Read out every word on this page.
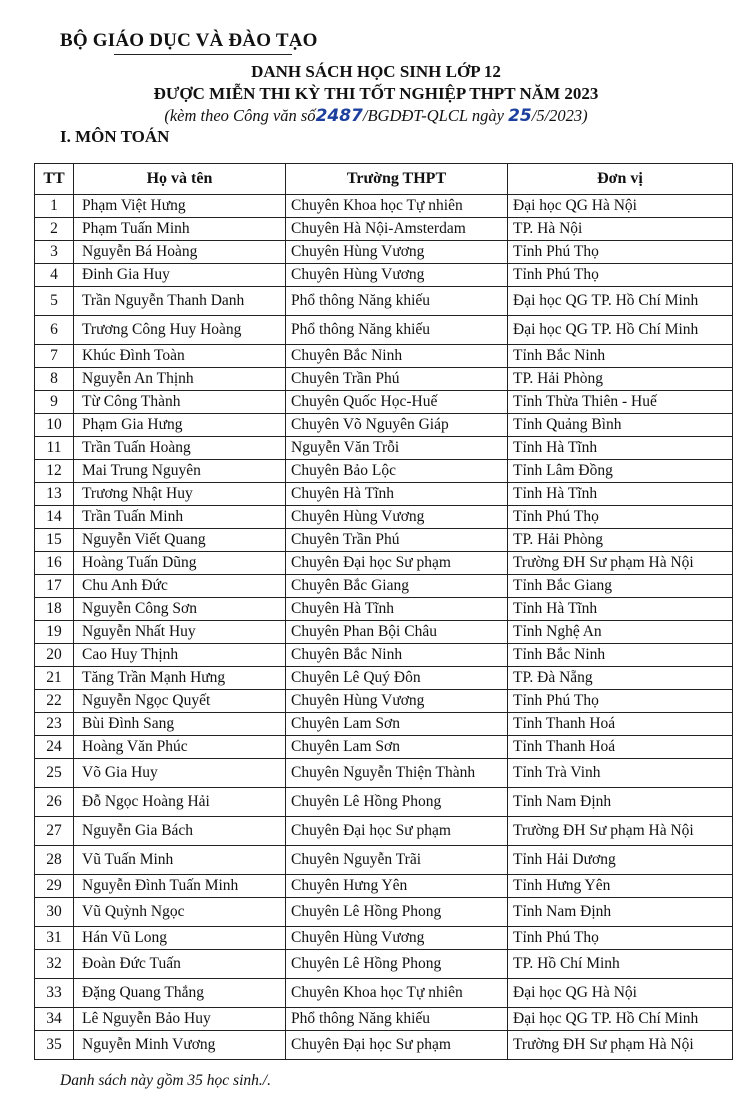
BỘ GIÁO DỤC VÀ ĐÀO TẠO
DANH SÁCH HỌC SINH LỚP 12
ĐƯỢC MIỄN THI KỲ THI TỐT NGHIỆP THPT NĂM 2023
(kèm theo Công văn số2487/BGDĐT-QLCL ngày 25/5/2023)
I. MÔN TOÁN
TT	Họ và tên	Trường THPT	Đơn vị
1	Phạm Việt Hưng	Chuyên Khoa học Tự nhiên	Đại học QG Hà Nội
2	Phạm Tuấn Minh	Chuyên Hà Nội-Amsterdam	TP. Hà Nội
3	Nguyễn Bá Hoàng	Chuyên Hùng Vương	Tỉnh Phú Thọ
4	Đinh Gia Huy	Chuyên Hùng Vương	Tỉnh Phú Thọ
5	Trần Nguyễn Thanh Danh	Phổ thông Năng khiếu	Đại học QG TP. Hồ Chí Minh
6	Trương Công Huy Hoàng	Phổ thông Năng khiếu	Đại học QG TP. Hồ Chí Minh
7	Khúc Đình Toàn	Chuyên Bắc Ninh	Tỉnh Bắc Ninh
8	Nguyễn An Thịnh	Chuyên Trần Phú	TP. Hải Phòng
9	Từ Công Thành	Chuyên Quốc Học-Huế	Tỉnh Thừa Thiên - Huế
10	Phạm Gia Hưng	Chuyên Võ Nguyên Giáp	Tỉnh Quảng Bình
11	Trần Tuấn Hoàng	Nguyễn Văn Trỗi	Tỉnh Hà Tĩnh
12	Mai Trung Nguyên	Chuyên Bảo Lộc	Tỉnh Lâm Đồng
13	Trương Nhật Huy	Chuyên Hà Tĩnh	Tỉnh Hà Tĩnh
14	Trần Tuấn Minh	Chuyên Hùng Vương	Tỉnh Phú Thọ
15	Nguyễn Viết Quang	Chuyên Trần Phú	TP. Hải Phòng
16	Hoàng Tuấn Dũng	Chuyên Đại học Sư phạm	Trường ĐH Sư phạm Hà Nội
17	Chu Anh Đức	Chuyên Bắc Giang	Tỉnh Bắc Giang
18	Nguyễn Công Sơn	Chuyên Hà Tĩnh	Tỉnh Hà Tĩnh
19	Nguyễn Nhất Huy	Chuyên Phan Bội Châu	Tỉnh Nghệ An
20	Cao Huy Thịnh	Chuyên Bắc Ninh	Tỉnh Bắc Ninh
21	Tăng Trần Mạnh Hưng	Chuyên Lê Quý Đôn	TP. Đà Nẵng
22	Nguyễn Ngọc Quyết	Chuyên Hùng Vương	Tỉnh Phú Thọ
23	Bùi Đình Sang	Chuyên Lam Sơn	Tỉnh Thanh Hoá
24	Hoàng Văn Phúc	Chuyên Lam Sơn	Tỉnh Thanh Hoá
25	Võ Gia Huy	Chuyên Nguyễn Thiện Thành	Tỉnh Trà Vinh
26	Đỗ Ngọc Hoàng Hải	Chuyên Lê Hồng Phong	Tỉnh Nam Định
27	Nguyễn Gia Bách	Chuyên Đại học Sư phạm	Trường ĐH Sư phạm Hà Nội
28	Vũ Tuấn Minh	Chuyên Nguyễn Trãi	Tỉnh Hải Dương
29	Nguyễn Đình Tuấn Minh	Chuyên Hưng Yên	Tỉnh Hưng Yên
30	Vũ Quỳnh Ngọc	Chuyên Lê Hồng Phong	Tỉnh Nam Định
31	Hán Vũ Long	Chuyên Hùng Vương	Tỉnh Phú Thọ
32	Đoàn Đức Tuấn	Chuyên Lê Hồng Phong	TP. Hồ Chí Minh
33	Đặng Quang Thắng	Chuyên Khoa học Tự nhiên	Đại học QG Hà Nội
34	Lê Nguyễn Bảo Huy	Phổ thông Năng khiếu	Đại học QG TP. Hồ Chí Minh
35	Nguyễn Minh Vương	Chuyên Đại học Sư phạm	Trường ĐH Sư phạm Hà Nội
Danh sách này gồm 35 học sinh./.
